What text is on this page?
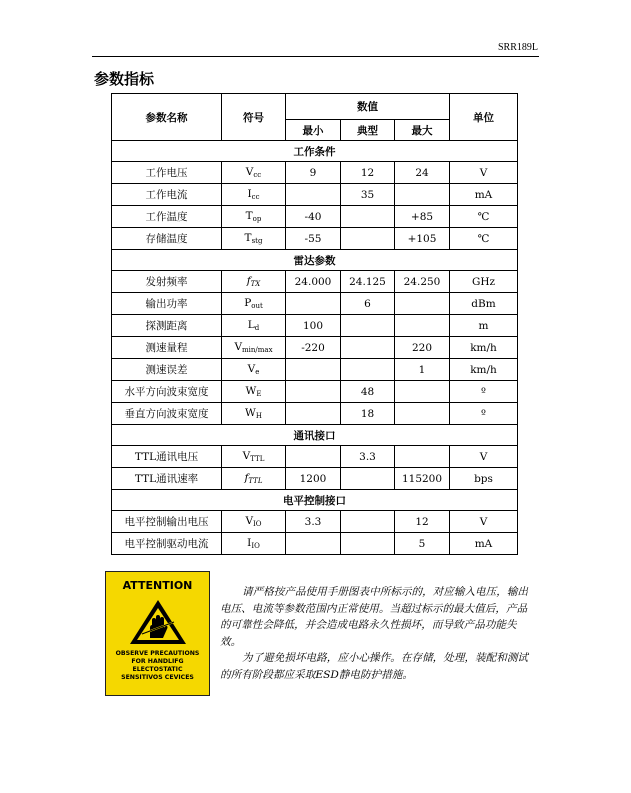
SRR189L
参数指标
参数名称	符号	数值			单位
		最小	典型	最大	
工作条件					
工作电压	$V_{cc}$	9	12	24	V
工作电流	$I_{cc}$		35		mA
工作温度	$T_{op}$	-40		+85	℃
存储温度	$T_{stg}$	-55		+105	℃
雷达参数					
发射频率	$f_{TX}$	24.000	24.125	24.250	GHz
输出功率	$P_{out}$		6		dBm
探测距离	$L_d$	100			m
测速量程	$V_{min/max}$	-220		220	km/h
测速误差	$V_e$			1	km/h
水平方向波束宽度	$W_E$		48		º
垂直方向波束宽度	$W_H$		18		º
通讯接口					
TTL通讯电压	$V_{TTL}$		3.3		V
TTL通讯速率	$f_{TTL}$	1200		115200	bps
电平控制接口					
电平控制输出电压	$V_{IO}$	3.3		12	V
电平控制驱动电流	$I_{IO}$			5	mA
ATTENTION
OBSERVE PRECAUTIONS
FOR HANDLIFG
ELECTOSTATIC
SENSITIVOS CEVICES

请严格按产品使用手册图表中所标示的，对应输入电压，输出电压、电流等参数范围内正常使用。当超过标示的最大值后，产品的可靠性会降低，并会造成电路永久性损坏，而导致产品功能失效。

为了避免损坏电路，应小心操作。在存储，处理，装配和测试的所有阶段都应采取ESD静电防护措施。
